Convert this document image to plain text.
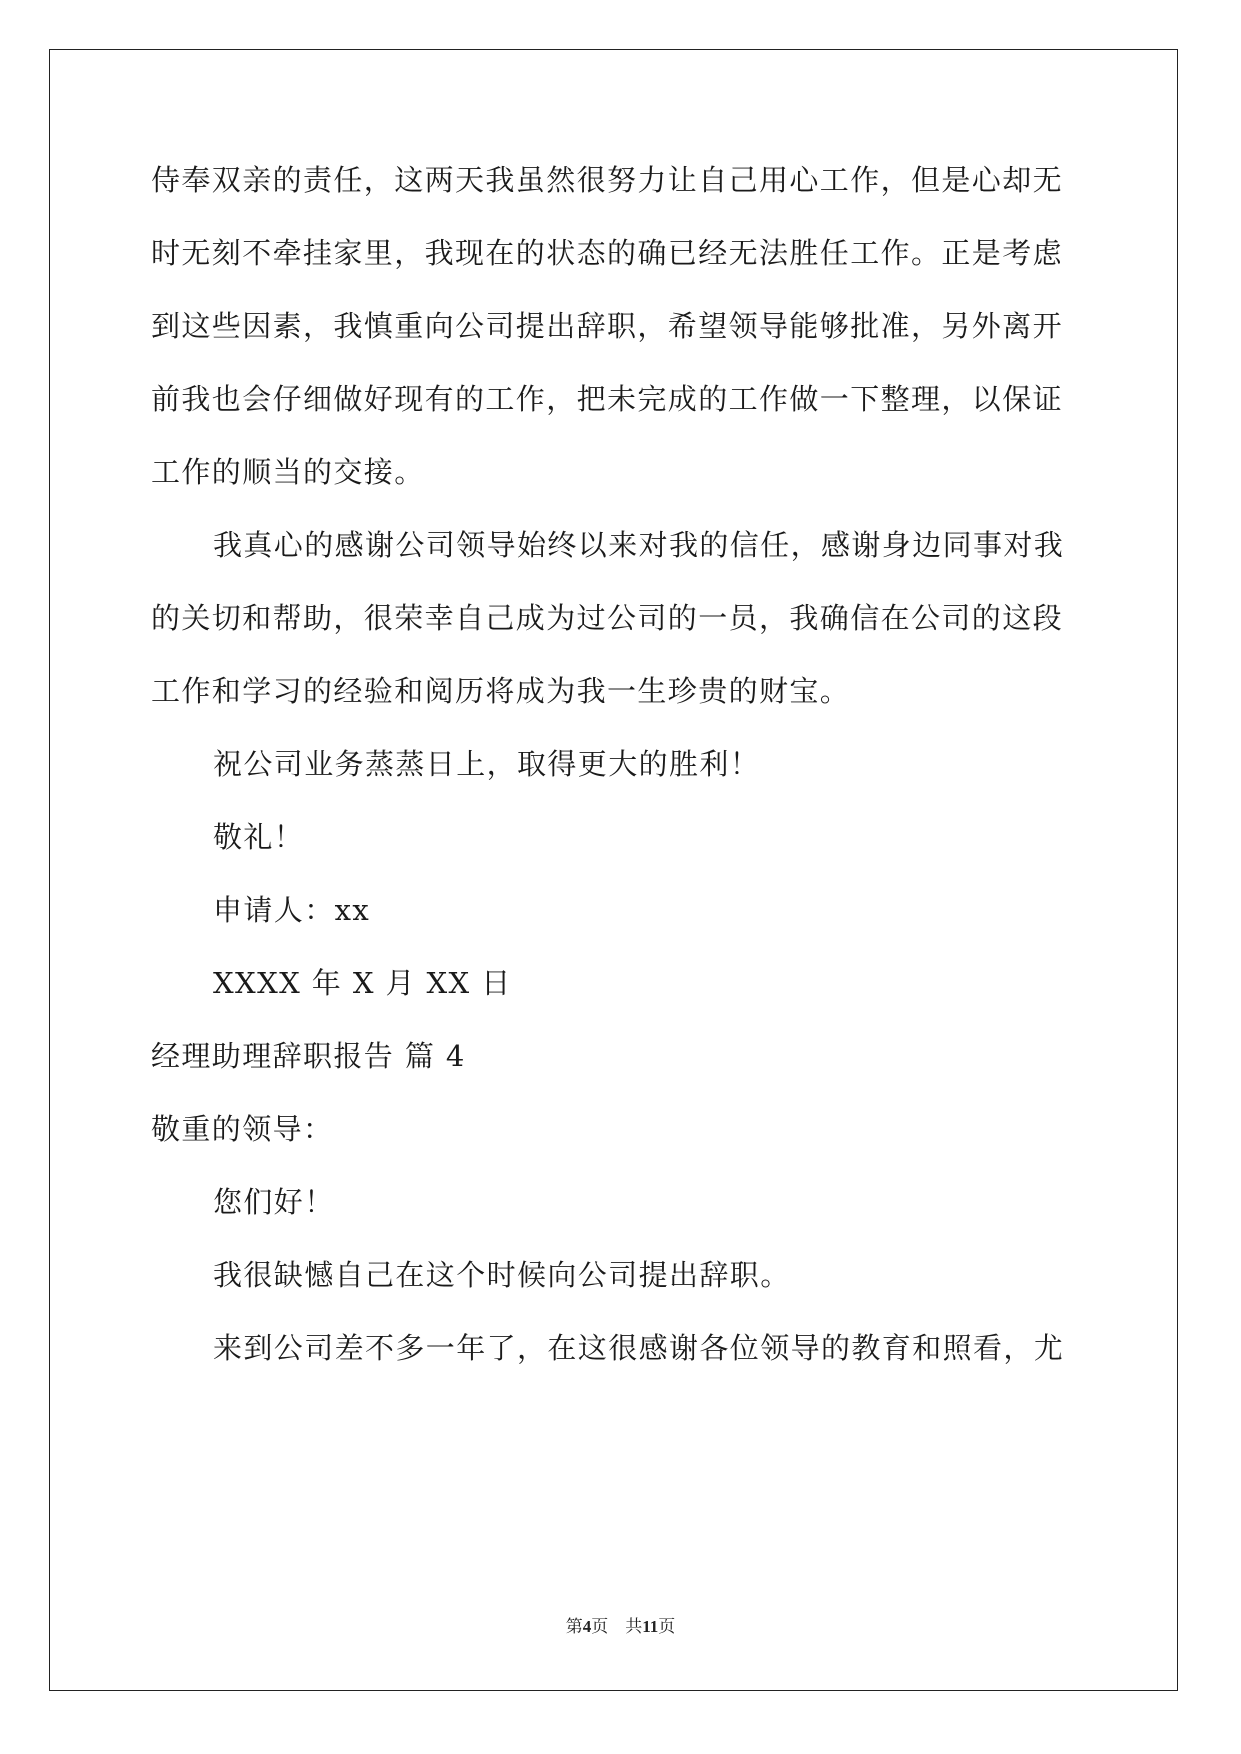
侍奉双亲的责任，这两天我虽然很努力让自己用心工作，但是心却无
时无刻不牵挂家里，我现在的状态的确已经无法胜任工作。正是考虑
到这些因素，我慎重向公司提出辞职，希望领导能够批准，另外离开
前我也会仔细做好现有的工作，把未完成的工作做一下整理，以保证
工作的顺当的交接。
我真心的感谢公司领导始终以来对我的信任，感谢身边同事对我
的关切和帮助，很荣幸自己成为过公司的一员，我确信在公司的这段
工作和学习的经验和阅历将成为我一生珍贵的财宝。
祝公司业务蒸蒸日上，取得更大的胜利！
敬礼！
申请人：xx
XXXX 年 X 月 XX 日
经理助理辞职报告 篇 4
敬重的领导：
您们好！
我很缺憾自己在这个时候向公司提出辞职。
来到公司差不多一年了，在这很感谢各位领导的教育和照看，尤
第4页　共11页
